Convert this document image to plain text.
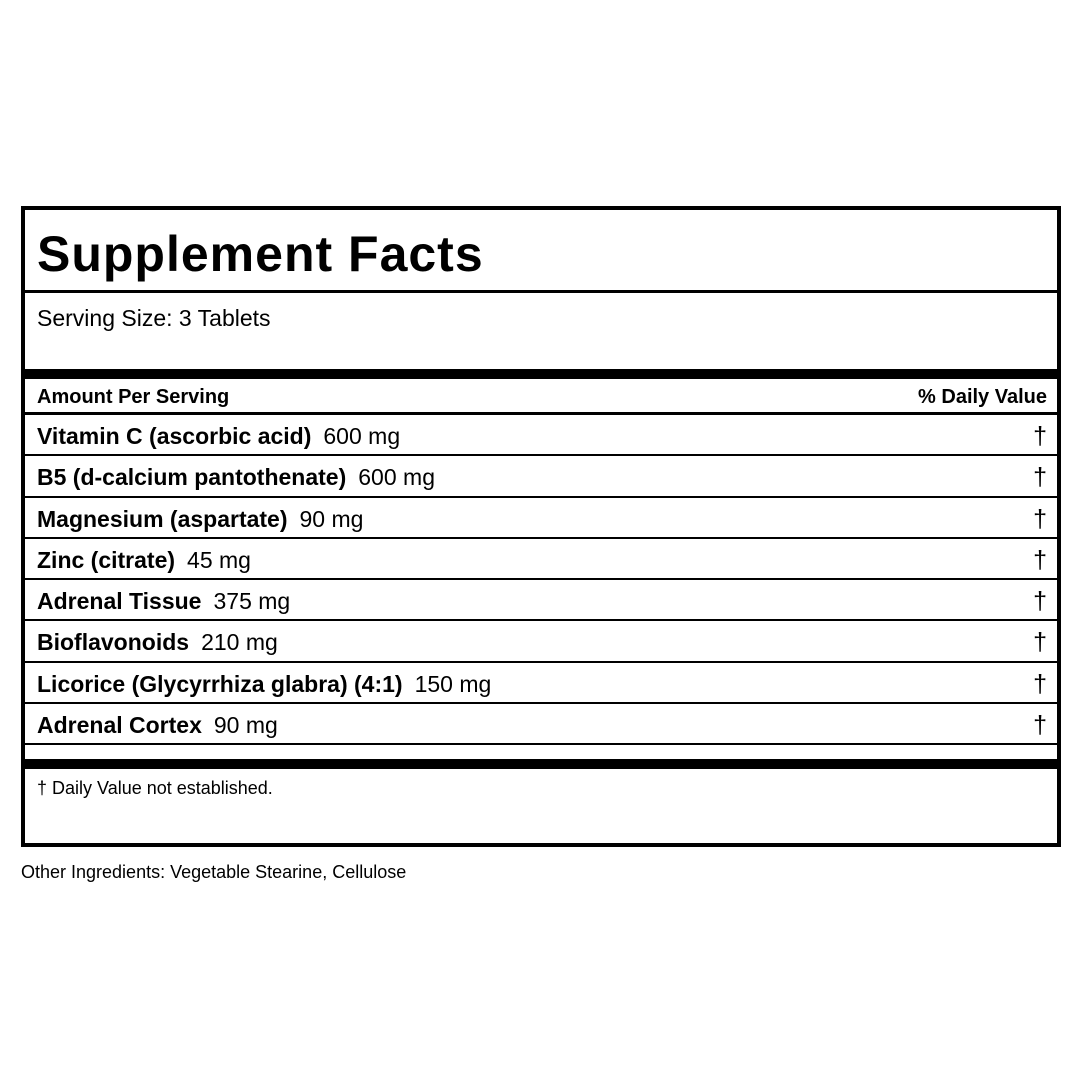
Supplement Facts
Serving Size: 3 Tablets
Amount Per Serving	% Daily Value
Vitamin C (ascorbic acid) 600 mg	†
B5 (d-calcium pantothenate) 600 mg	†
Magnesium (aspartate) 90 mg	†
Zinc (citrate) 45 mg	†
Adrenal Tissue 375 mg	†
Bioflavonoids 210 mg	†
Licorice (Glycyrrhiza glabra) (4:1) 150 mg	†
Adrenal Cortex 90 mg	†
† Daily Value not established.
Other Ingredients: Vegetable Stearine, Cellulose
